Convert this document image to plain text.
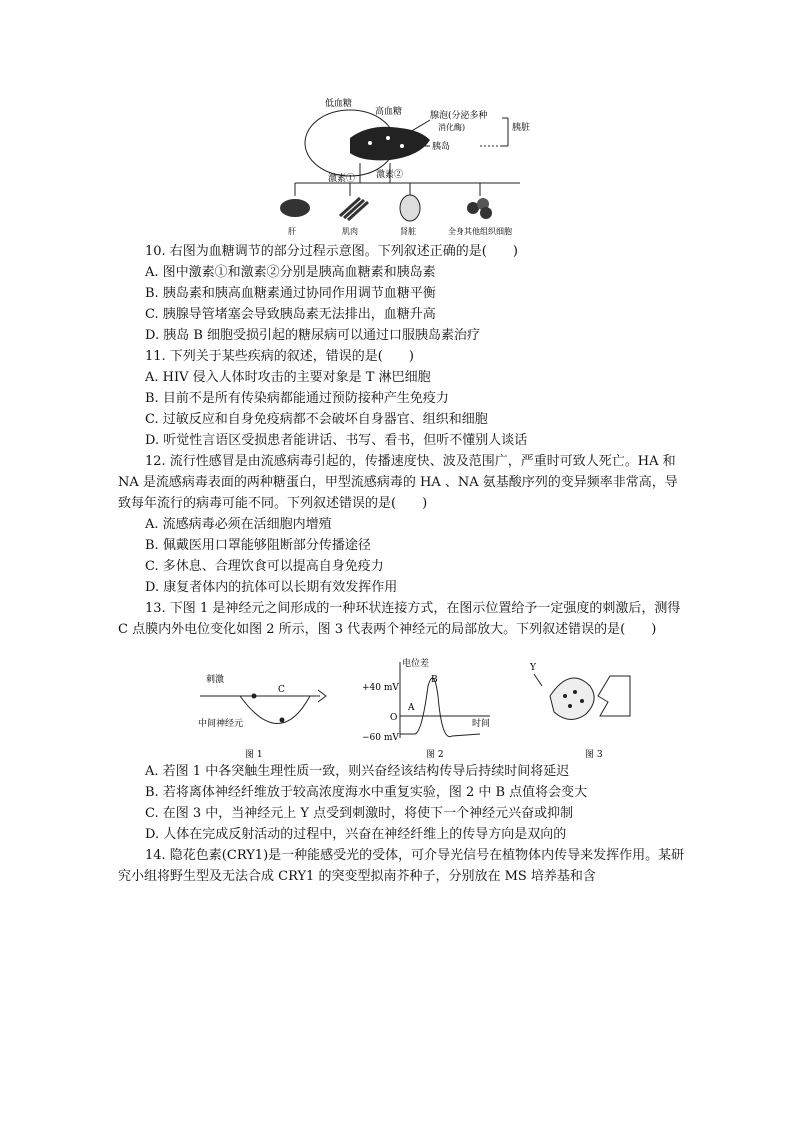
低血糖
高血糖	腺泡(分泌多种
消化酶)	胰脏
胰岛
激素① 激素②
肝	肌肉	肾脏	全身其他组织细胞

10. 右图为血糖调节的部分过程示意图。下列叙述正确的是(　　)

A. 图中激素①和激素②分别是胰高血糖素和胰岛素

B. 胰岛素和胰高血糖素通过协同作用调节血糖平衡

C. 胰腺导管堵塞会导致胰岛素无法排出，血糖升高

D. 胰岛 B 细胞受损引起的糖尿病可以通过口服胰岛素治疗

11. 下列关于某些疾病的叙述，错误的是(　　)

A. HIV 侵入人体时攻击的主要对象是 T 淋巴细胞

B. 目前不是所有传染病都能通过预防接种产生免疫力

C. 过敏反应和自身免疫病都不会破坏自身器官、组织和细胞

D. 听觉性言语区受损患者能讲话、书写、看书，但听不懂别人谈话

12. 流行性感冒是由流感病毒引起的，传播速度快、波及范围广，严重时可致人死亡。HA 和 NA 是流感病毒表面的两种糖蛋白，甲型流感病毒的 HA 、NA 氨基酸序列的变异频率非常高，导致每年流行的病毒可能不同。下列叙述错误的是(　　)

A. 流感病毒必须在活细胞内增殖

B. 佩戴医用口罩能够阻断部分传播途径

C. 多休息、合理饮食可以提高自身免疫力

D. 康复者体内的抗体可以长期有效发挥作用

13. 下图 1 是神经元之间形成的一种环状连接方式，在图示位置给予一定强度的刺激后，测得 C 点膜内外电位变化如图 2 所示，图 3 代表两个神经元的局部放大。下列叙述错误的是(　　)

刺激
C
中间神经元
图 1
电位差
+40 mV
−60 mV
O
A
B
时间
图 2
Y
图 3

A. 若图 1 中各突触生理性质一致，则兴奋经该结构传导后持续时间将延迟

B. 若将离体神经纤维放于较高浓度海水中重复实验，图 2 中 B 点值将会变大

C. 在图 3 中，当神经元上 Y 点受到刺激时，将使下一个神经元兴奋或抑制

D. 人体在完成反射活动的过程中，兴奋在神经纤维上的传导方向是双向的

14. 隐花色素(CRY1)是一种能感受光的受体，可介导光信号在植物体内传导来发挥作用。某研究小组将野生型及无法合成 CRY1 的突变型拟南芥种子，分别放在 MS 培养基和含
